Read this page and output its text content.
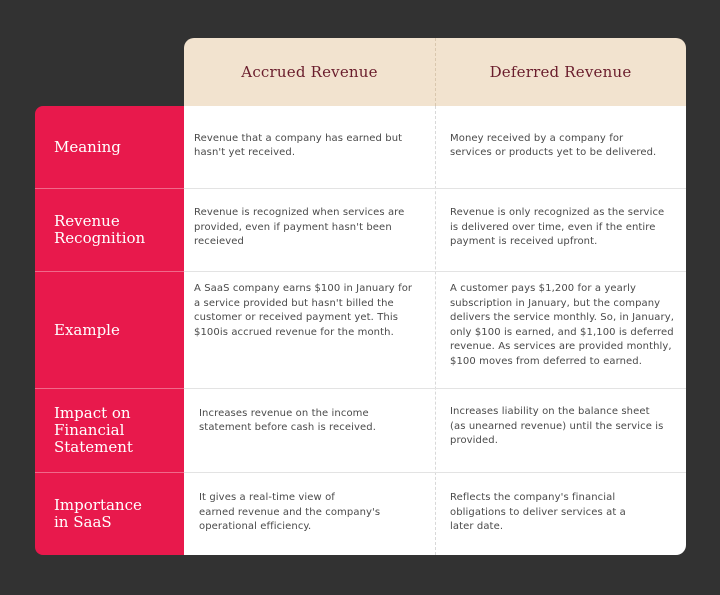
Accrued Revenue	Deferred Revenue
Meaning
Revenue
Recognition
Example
Impact on
Financial
Statement
Importance
in SaaS
Revenue that a company has earned but
hasn't yet received.
Money received by a company for
services or products yet to be delivered.
Revenue is recognized when services are
provided, even if payment hasn't been
receieved
Revenue is only recognized as the service
is delivered over time, even if the entire
payment is received upfront.
A SaaS company earns $100 in January for
a service provided but hasn't billed the
customer or received payment yet. This
$100is accrued revenue for the month.
A customer pays $1,200 for a yearly
subscription in January, but the company
delivers the service monthly. So, in January,
only $100 is earned, and $1,100 is deferred
revenue. As services are provided monthly,
$100 moves from deferred to earned.
Increases revenue on the income
statement before cash is received.
Increases liability on the balance sheet
(as unearned revenue) until the service is
provided.
It gives a real-time view of
earned revenue and the company's
operational efficiency.
Reflects the company's financial
obligations to deliver services at a
later date.
